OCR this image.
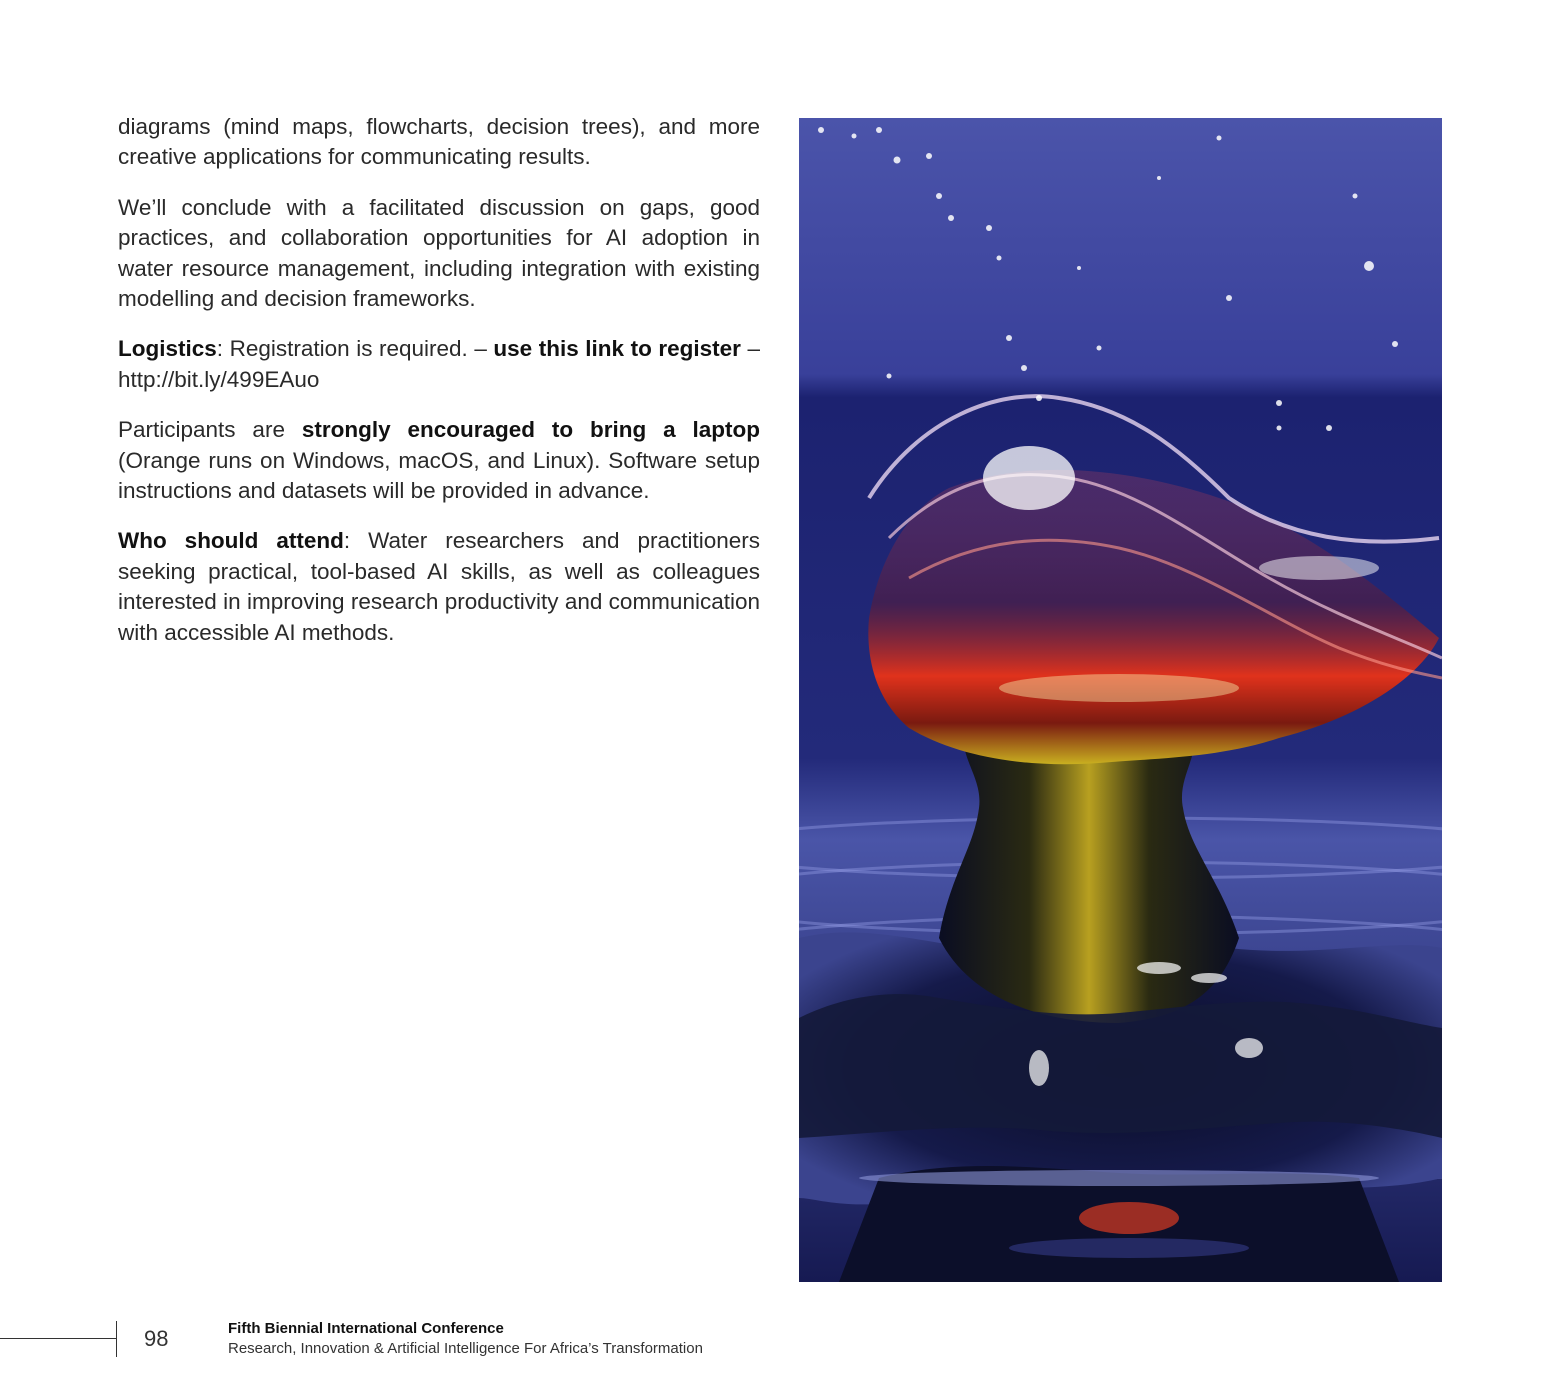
diagrams (mind maps, flowcharts, decision trees), and more creative applications for communicating results.

We’ll conclude with a facilitated discussion on gaps, good practices, and collaboration opportunities for AI adoption in water resource management, including integration with existing modelling and decision frameworks.

Logistics: Registration is required. – use this link to register – http://bit.ly/499EAuo

Participants are strongly encouraged to bring a laptop (Orange runs on Windows, macOS, and Linux). Software setup instructions and datasets will be provided in advance.

Who should attend: Water researchers and practitioners seeking practical, tool-based AI skills, as well as colleagues interested in improving research productivity and communication with accessible AI methods.

98	Fifth Biennial International Conference
Research, Innovation & Artificial Intelligence For Africa’s Transformation
